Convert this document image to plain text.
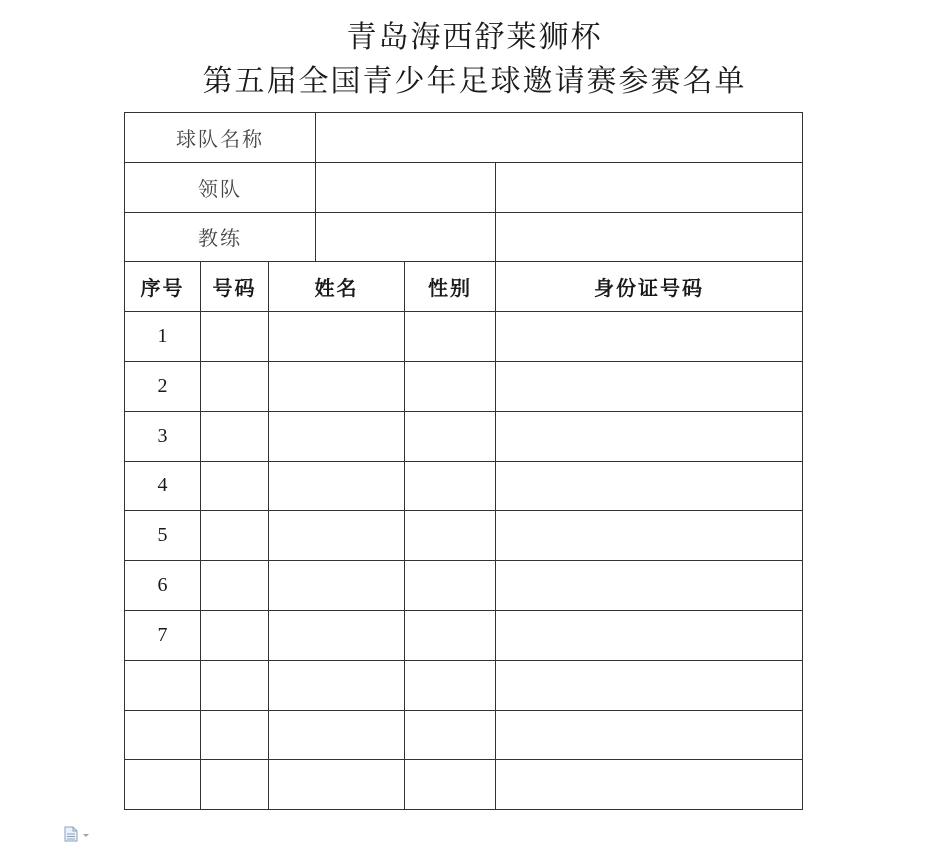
青岛海西舒莱狮杯
第五届全国青少年足球邀请赛参赛名单
球队名称					
领队					
教练					
序号	号码	姓名		性别	身份证号码
1					
2					
3					
4					
5					
6					
7					
